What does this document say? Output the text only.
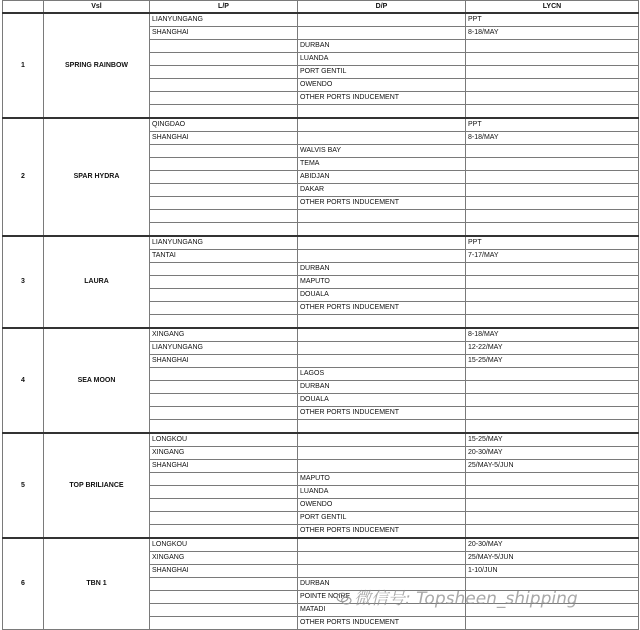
	Vsl	L/P	D/P	LYCN
1	SPRING RAINBOW	LIANYUNGANG		PPT
		SHANGHAI		8-18/MAY
			DURBAN	
			LUANDA	
			PORT GENTIL	
			OWENDO	
			OTHER PORTS INDUCEMENT	

2	SPAR HYDRA	QINGDAO		PPT
		SHANGHAI		8-18/MAY
			WALVIS BAY	
			TEMA	
			ABIDJAN	
			DAKAR	
			OTHER PORTS INDUCEMENT	

3	LAURA	LIANYUNGANG		PPT
		TANTAI		7-17/MAY
			DURBAN	
			MAPUTO	
			DOUALA	
			OTHER PORTS INDUCEMENT	

4	SEA MOON	XINGANG		8-18/MAY
		LIANYUNGANG		12-22/MAY
		SHANGHAI		15-25/MAY
			LAGOS	
			DURBAN	
			DOUALA	
			OTHER PORTS INDUCEMENT	

5	TOP BRILIANCE	LONGKOU		15-25/MAY
		XINGANG		20-30/MAY
		SHANGHAI		25/MAY-5/JUN
			MAPUTO	
			LUANDA	
			OWENDO	
			PORT GENTIL	
			OTHER PORTS INDUCEMENT	
6	TBN 1	LONGKOU		20-30/MAY
		XINGANG		25/MAY-5/JUN
		SHANGHAI		1-10/JUN
			DURBAN	
			POINTE NOIRE	
			MATADI	
			OTHER PORTS INDUCEMENT	
微信号: Topsheen_shipping
